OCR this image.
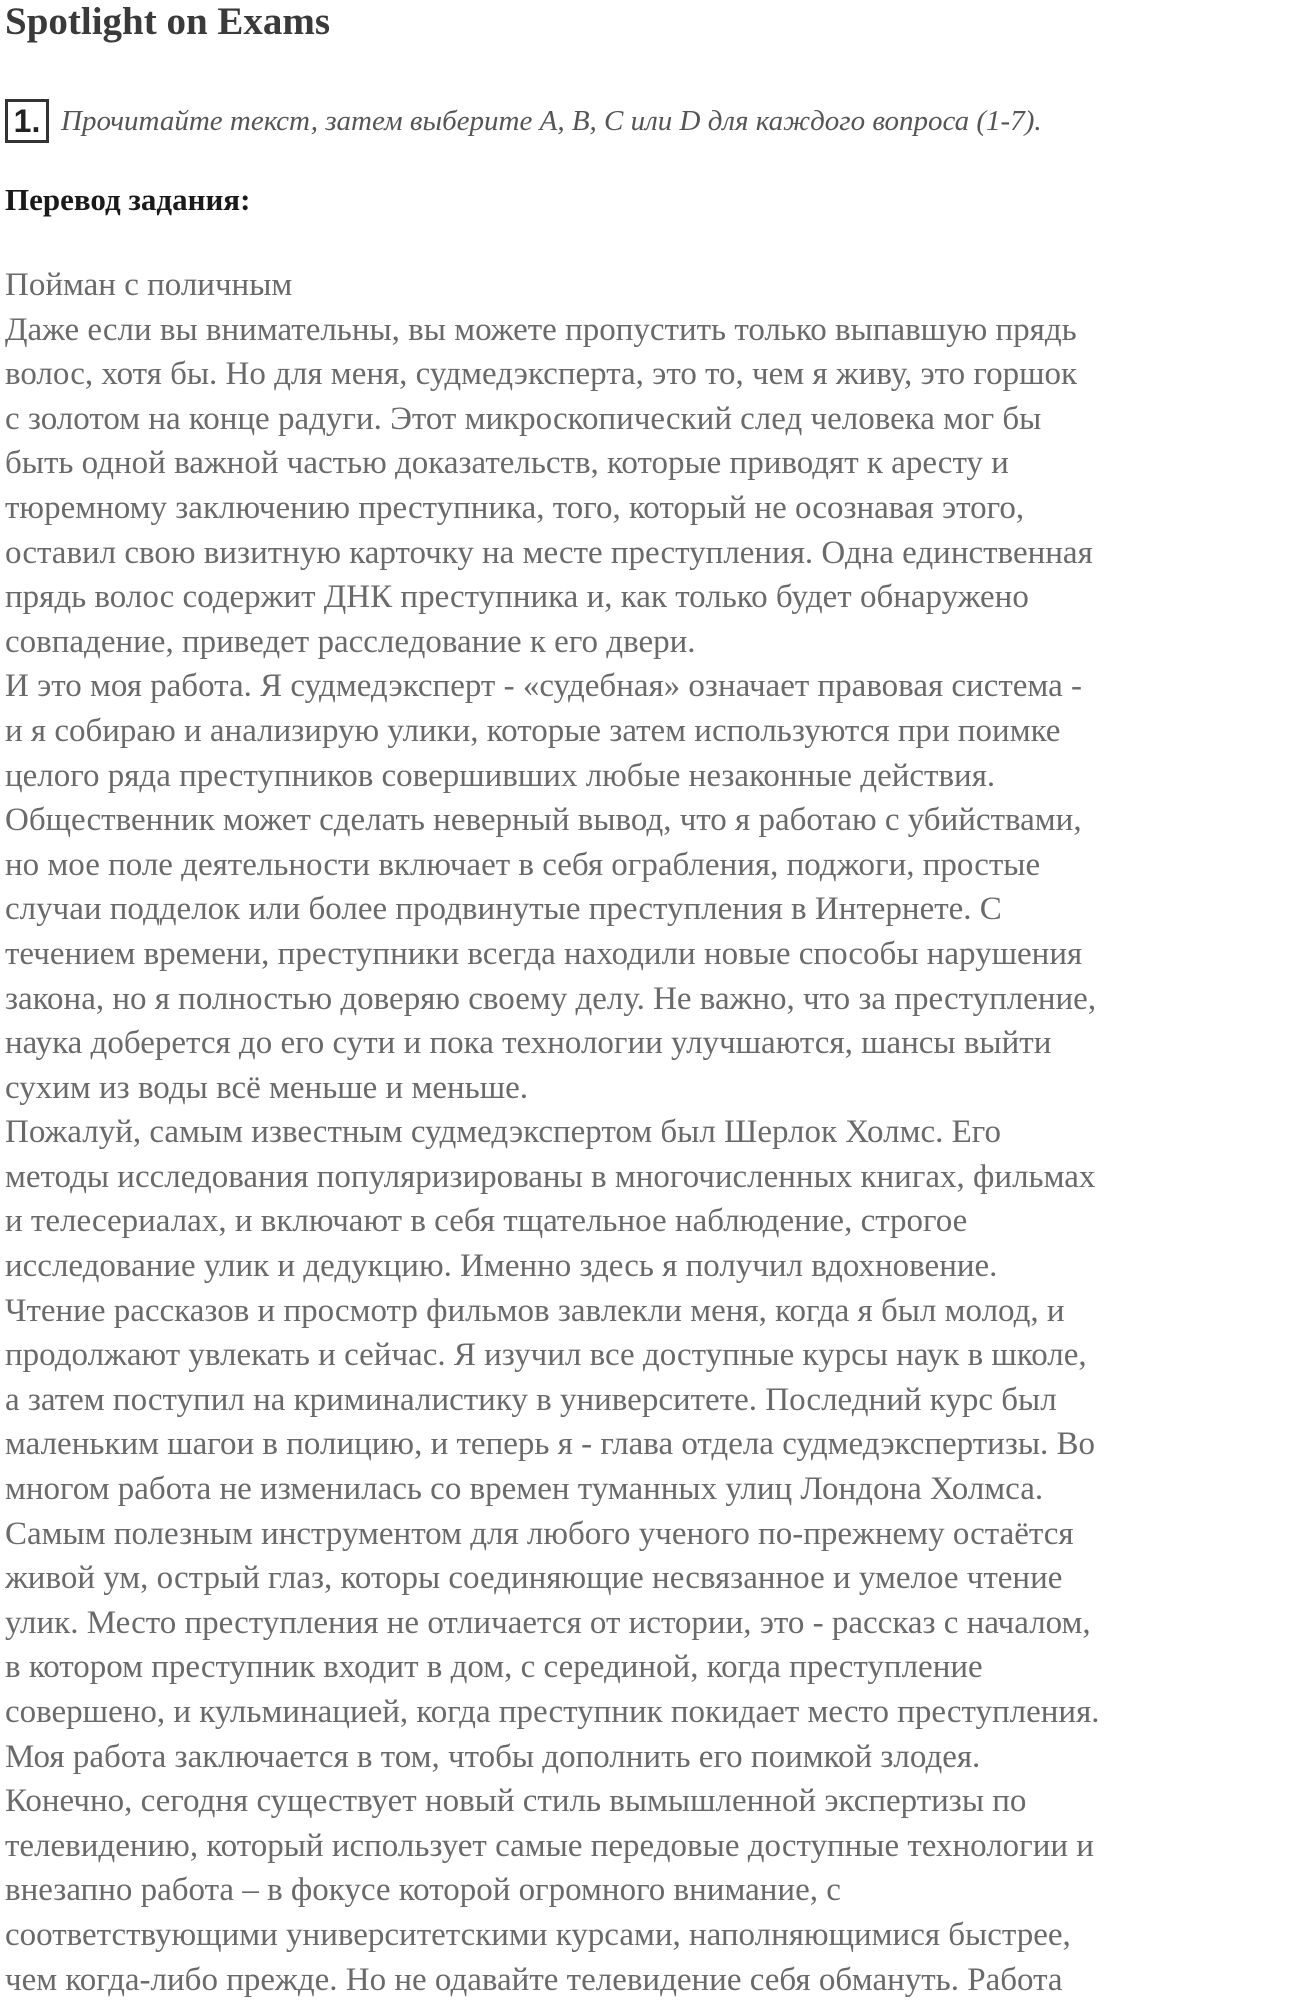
Spotlight on Exams
1. Прочитайте текст, затем выберите A, B, C или D для каждого вопроса (1-7).
Перевод задания:
Пойман с поличным
Даже если вы внимательны, вы можете пропустить только выпавшую прядь
волос, хотя бы. Но для меня, судмедэксперта, это то, чем я живу, это горшок
с золотом на конце радуги. Этот микроскопический след человека мог бы
быть одной важной частью доказательств, которые приводят к аресту и
тюремному заключению преступника, того, который не осознавая этого,
оставил свою визитную карточку на месте преступления. Одна единственная
прядь волос содержит ДНК преступника и, как только будет обнаружено
совпадение, приведет расследование к его двери.
И это моя работа. Я судмедэксперт - «судебная» означает правовая система -
и я собираю и анализирую улики, которые затем используются при поимке
целого ряда преступников совершивших любые незаконные действия.
Общественник может сделать неверный вывод, что я работаю с убийствами,
но мое поле деятельности включает в себя ограбления, поджоги, простые
случаи подделок или более продвинутые преступления в Интернете. С
течением времени, преступники всегда находили новые способы нарушения
закона, но я полностью доверяю своему делу. Не важно, что за преступление,
наука доберется до его сути и пока технологии улучшаются, шансы выйти
сухим из воды всё меньше и меньше.
Пожалуй, самым известным судмедэкспертом был Шерлок Холмс. Его
методы исследования популяризированы в многочисленных книгах, фильмах
и телесериалах, и включают в себя тщательное наблюдение, строгое
исследование улик и дедукцию. Именно здесь я получил вдохновение.
Чтение рассказов и просмотр фильмов завлекли меня, когда я был молод, и
продолжают увлекать и сейчас. Я изучил все доступные курсы наук в школе,
а затем поступил на криминалистику в университете. Последний курс был
маленьким шагои в полицию, и теперь я - глава отдела судмедэкспертизы. Во
многом работа не изменилась со времен туманных улиц Лондона Холмса.
Самым полезным инструментом для любого ученого по-прежнему остаётся
живой ум, острый глаз, которы соединяющие несвязанное и умелое чтение
улик. Место преступления не отличается от истории, это - рассказ с началом,
в котором преступник входит в дом, с серединой, когда преступление
совершено, и кульминацией, когда преступник покидает место преступления.
Моя работа заключается в том, чтобы дополнить его поимкой злодея.
Конечно, сегодня существует новый стиль вымышленной экспертизы по
телевидению, который использует самые передовые доступные технологии и
внезапно работа – в фокусе которой огромного внимание, с
соответствующими университетскими курсами, наполняющимися быстрее,
чем когда-либо прежде. Но не одавайте телевидение себя обмануть. Работа
